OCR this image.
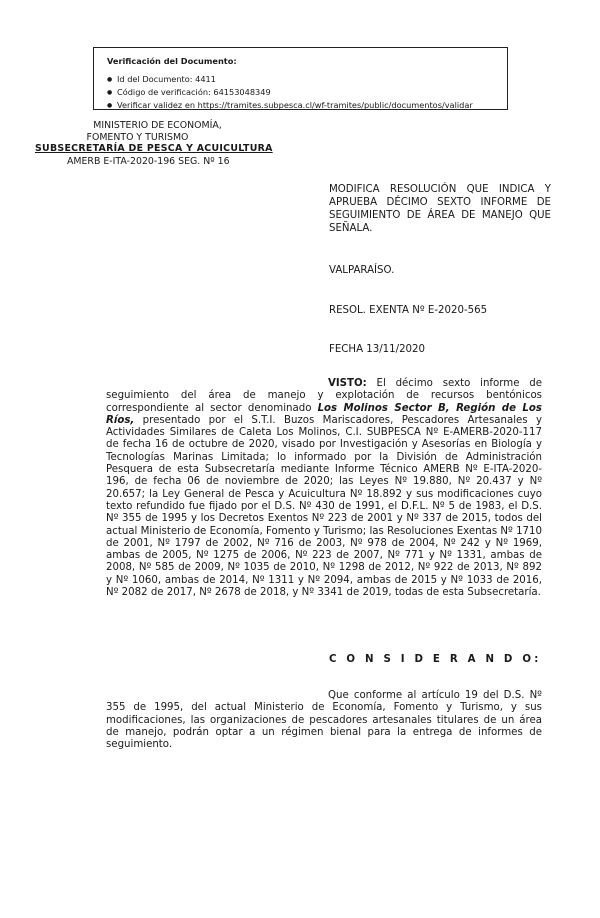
Verificación del Documento:
● Id del Documento: 4411
● Código de verificación: 64153048349
● Verificar validez en https://tramites.subpesca.cl/wf-tramites/public/documentos/validar
MINISTERIO DE ECONOMÍA,
FOMENTO Y TURISMO
SUBSECRETARÍA DE PESCA Y ACUICULTURA
AMERB E-ITA-2020-196 SEG. Nº 16
MODIFICA RESOLUCIÓN QUE INDICA Y APRUEBA DÉCIMO SEXTO INFORME DE SEGUIMIENTO DE ÁREA DE MANEJO QUE SEÑALA.
VALPARAÍSO.
RESOL. EXENTA Nº E-2020-565
FECHA 13/11/2020
VISTO: El décimo sexto informe de seguimiento del área de manejo y explotación de recursos bentónicos correspondiente al sector denominado Los Molinos Sector B, Región de Los Ríos, presentado por el S.T.I. Buzos Mariscadores, Pescadores Artesanales y Actividades Similares de Caleta Los Molinos, C.I. SUBPESCA Nº E-AMERB-2020-117 de fecha 16 de octubre de 2020, visado por Investigación y Asesorías en Biología y Tecnologías Marinas Limitada; lo informado por la División de Administración Pesquera de esta Subsecretaría mediante Informe Técnico AMERB Nº E-ITA-2020-196, de fecha 06 de noviembre de 2020; las Leyes Nº 19.880, Nº 20.437 y Nº 20.657; la Ley General de Pesca y Acuicultura Nº 18.892 y sus modificaciones cuyo texto refundido fue fijado por el D.S. Nº 430 de 1991, el D.F.L. Nº 5 de 1983, el D.S. Nº 355 de 1995 y los Decretos Exentos Nº 223 de 2001 y Nº 337 de 2015, todos del actual Ministerio de Economía, Fomento y Turismo; las Resoluciones Exentas Nº 1710 de 2001, Nº 1797 de 2002, Nº 716 de 2003, Nº 978 de 2004, Nº 242 y Nº 1969, ambas de 2005, Nº 1275 de 2006, Nº 223 de 2007, Nº 771 y Nº 1331, ambas de 2008, Nº 585 de 2009, Nº 1035 de 2010, Nº 1298 de 2012, Nº 922 de 2013, Nº 892 y Nº 1060, ambas de 2014, Nº 1311 y Nº 2094, ambas de 2015 y Nº 1033 de 2016, Nº 2082 de 2017, Nº 2678 de 2018, y Nº 3341 de 2019, todas de esta Subsecretaría.
C O N S I D E R A N D O:
Que conforme al artículo 19 del D.S. Nº 355 de 1995, del actual Ministerio de Economía, Fomento y Turismo, y sus modificaciones, las organizaciones de pescadores artesanales titulares de un área de manejo, podrán optar a un régimen bienal para la entrega de informes de seguimiento.
